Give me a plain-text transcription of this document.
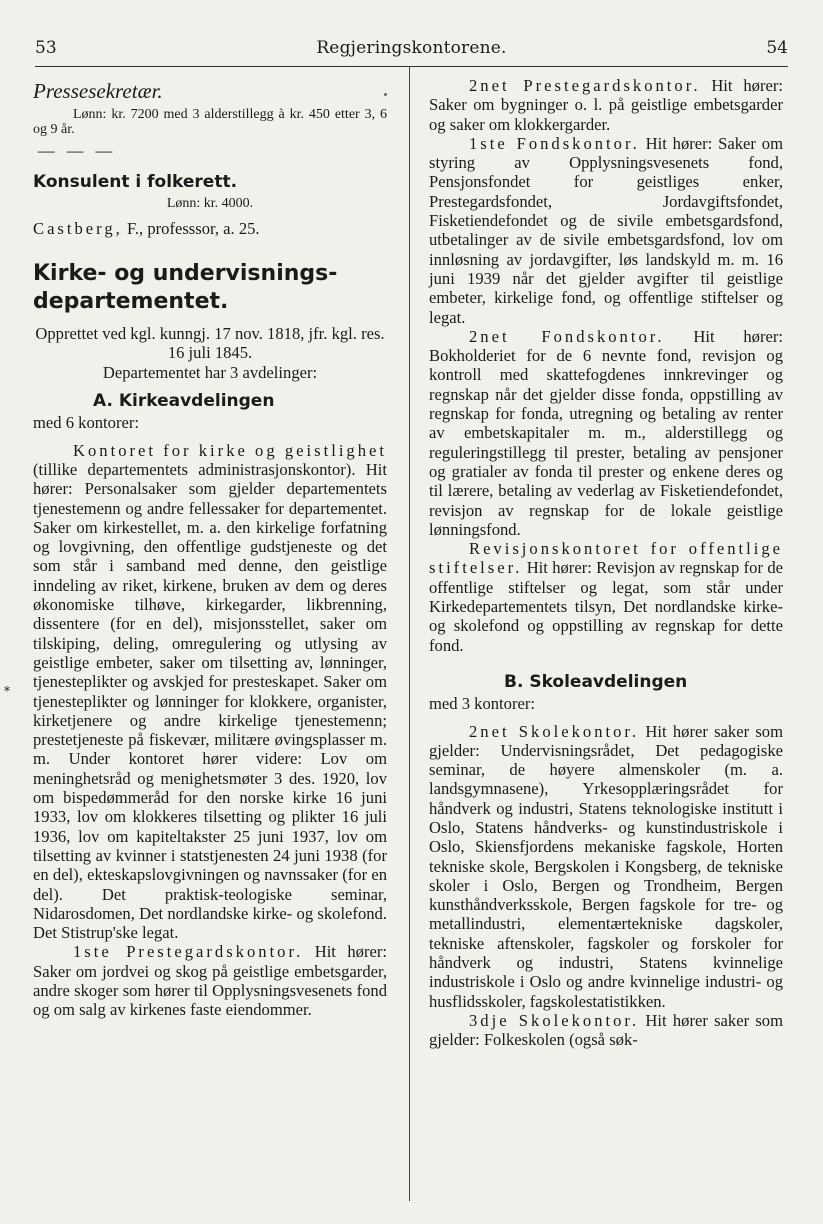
53	Regjeringskontorene.	54
*

Pressesekretær.

Lønn: kr. 7200 med 3 alderstillegg à kr. 450 etter 3, 6 og 9 år.

— — —

Konsulent i folkerett.

Lønn: kr. 4000.

Castberg, F., professsor, a. 25.

Kirke- og undervisnings-
departementet.

Opprettet ved kgl. kunngj. 17 nov. 1818, jfr. kgl. res. 16 juli 1845.

Departementet har 3 avdelinger:

A. Kirkeavdelingen

med 6 kontorer:

Kontoret for kirke og geistlighet (tillike departementets administrasjonskontor). Hit hører: Personalsaker som gjelder departementets tjenestemenn og andre fellessaker for departementet. Saker om kirkestellet, m. a. den kirkelige forfatning og lovgivning, den offentlige gudstjeneste og det som står i samband med denne, den geistlige inndeling av riket, kirkene, bruken av dem og deres økonomiske tilhøve, kirkegarder, likbrenning, dissentere (for en del), misjonsstellet, saker om tilskiping, deling, omregulering og utlysing av geistlige embeter, saker om tilsetting av, lønninger, tjenesteplikter og avskjed for presteskapet. Saker om tjenesteplikter og lønninger for klokkere, organister, kirketjenere og andre kirkelige tjenestemenn; prestetjeneste på fiskevær, militære øvingsplasser m. m. Under kontoret hører videre: Lov om meninghetsråd og menighetsmøter 3 des. 1920, lov om bispedømmeråd for den norske kirke 16 juni 1933, lov om klokkeres tilsetting og plikter 16 juli 1936, lov om kapiteltakster 25 juni 1937, lov om tilsetting av kvinner i statstjenesten 24 juni 1938 (for en del), ekteskapslovgivningen og navnssaker (for en del). Det praktisk-teologiske seminar, Nidarosdomen, Det nordlandske kirke- og skolefond. Det Stistrup'ske legat.

1ste Prestegardskontor. Hit hører: Saker om jordvei og skog på geistlige embetsgarder, andre skoger som hører til Opplysningsvesenets fond og om salg av kirkenes faste eiendommer.

2net Prestegardskontor. Hit hører: Saker om bygninger o. l. på geistlige embetsgarder og saker om klokkergarder.

1ste Fondskontor. Hit hører: Saker om styring av Opplysningsvesenets fond, Pensjonsfondet for geistliges enker, Prestegardsfondet, Jordavgiftsfondet, Fisketiendefondet og de sivile embetsgardsfond, utbetalinger av de sivile embetsgardsfond, lov om innløsning av jordavgifter, løs landskyld m. m. 16 juni 1939 når det gjelder avgifter til geistlige embeter, kirkelige fond, og offentlige stiftelser og legat.

2net Fondskontor. Hit hører: Bokholderiet for de 6 nevnte fond, revisjon og kontroll med skattefogdenes innkrevinger og regnskap når det gjelder disse fonda, oppstilling av regnskap for fonda, utregning og betaling av renter av embetskapitaler m. m., alderstillegg og reguleringstillegg til prester, betaling av pensjoner og gratialer av fonda til prester og enkene deres og til lærere, betaling av vederlag av Fisketiendefondet, revisjon av regnskap for de lokale geistlige lønningsfond.

Revisjonskontoret for offentlige stiftelser. Hit hører: Revisjon av regnskap for de offentlige stiftelser og legat, som står under Kirkedepartementets tilsyn, Det nordlandske kirke- og skolefond og oppstilling av regnskap for dette fond.

B. Skoleavdelingen

med 3 kontorer:

2net Skolekontor. Hit hører saker som gjelder: Undervisningsrådet, Det pedagogiske seminar, de høyere almenskoler (m. a. landsgymnasene), Yrkesopplæringsrådet for håndverk og industri, Statens teknologiske institutt i Oslo, Statens håndverks- og kunstindustriskole i Oslo, Skiensfjordens mekaniske fagskole, Horten tekniske skole, Bergskolen i Kongsberg, de tekniske skoler i Oslo, Bergen og Trondheim, Bergen kunsthåndverksskole, Bergen fagskole for tre- og metallindustri, elementærtekniske dagskoler, tekniske aftenskoler, fagskoler og forskoler for håndverk og industri, Statens kvinnelige industriskole i Oslo og andre kvinnelige industri- og husflidsskoler, fagskolestatistikken.

3dje Skolekontor. Hit hører saker som gjelder: Folkeskolen (også søk-
